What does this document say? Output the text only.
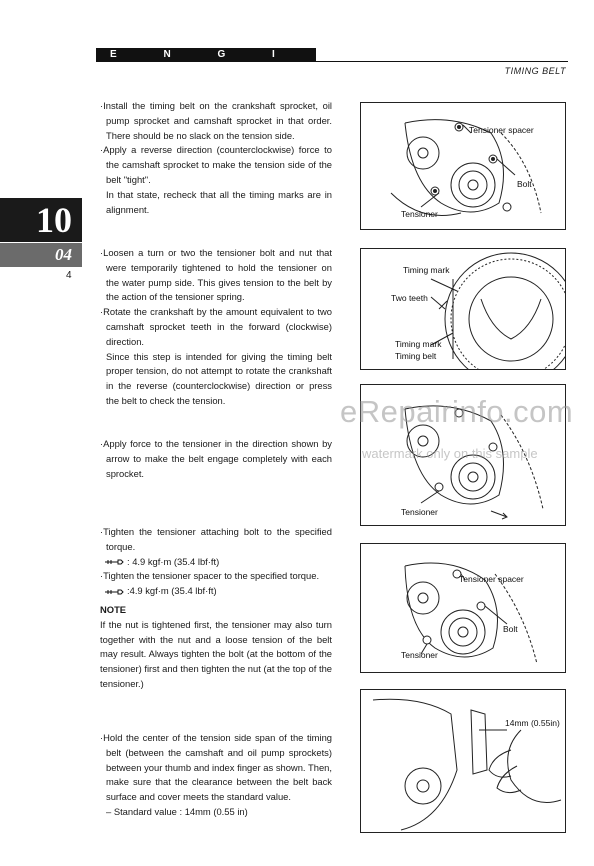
E N G I N E	TIMING BELT
10
04
4

·Install the timing belt on the crankshaft sprocket, oil pump sprocket and camshaft sprocket in that order. There should be no slack on the tension side.

·Apply a reverse direction (counterclockwise) force to the camshaft sprocket to make the tension side of the belt "tight".

In that state, recheck that all the timing marks are in alignment.

·Loosen a turn or two the tensioner bolt and nut that were temporarily tightened to hold the tensioner on the water pump side. This gives tension to the belt by the action of the tensioner spring.

·Rotate the crankshaft by the amount equivalent to two camshaft sprocket teeth in the forward (clockwise) direction.

Since this step is intended for giving the timing belt proper tension, do not attempt to rotate the crankshaft in the reverse (counterclockwise) direction or press the belt to check the tension.

·Apply force to the tensioner in the direction shown by arrow to make the belt engage completely with each sprocket.

·Tighten the tensioner attaching bolt to the specified torque.

: 4.9 kgf·m (35.4 lbf·ft)

·Tighten the tensioner spacer to the specified torque.

:4.9 kgf·m (35.4 lbf·ft)

NOTE

If the nut is tightened first, the tensioner may also turn together with the nut and a loose tension of the belt may result. Always tighten the bolt (at the bottom of the tensioner) first and then tighten the nut (at the top of the tensioner.)

·Hold the center of the tension side span of the timing belt (between the camshaft and oil pump sprockets) between your thumb and index finger as shown. Then, make sure that the clearance between the belt back surface and cover meets the standard value.

– Standard value : 14mm (0.55 in)

Tensioner spacer
Bolt
Tensioner
Timing mark
Two teeth
Timing mark
Timing belt
Tensioner
Tensioner spacer
Bolt
Tensioner
14mm (0.55in)
eRepairinfo.com
watermark only on this sample
